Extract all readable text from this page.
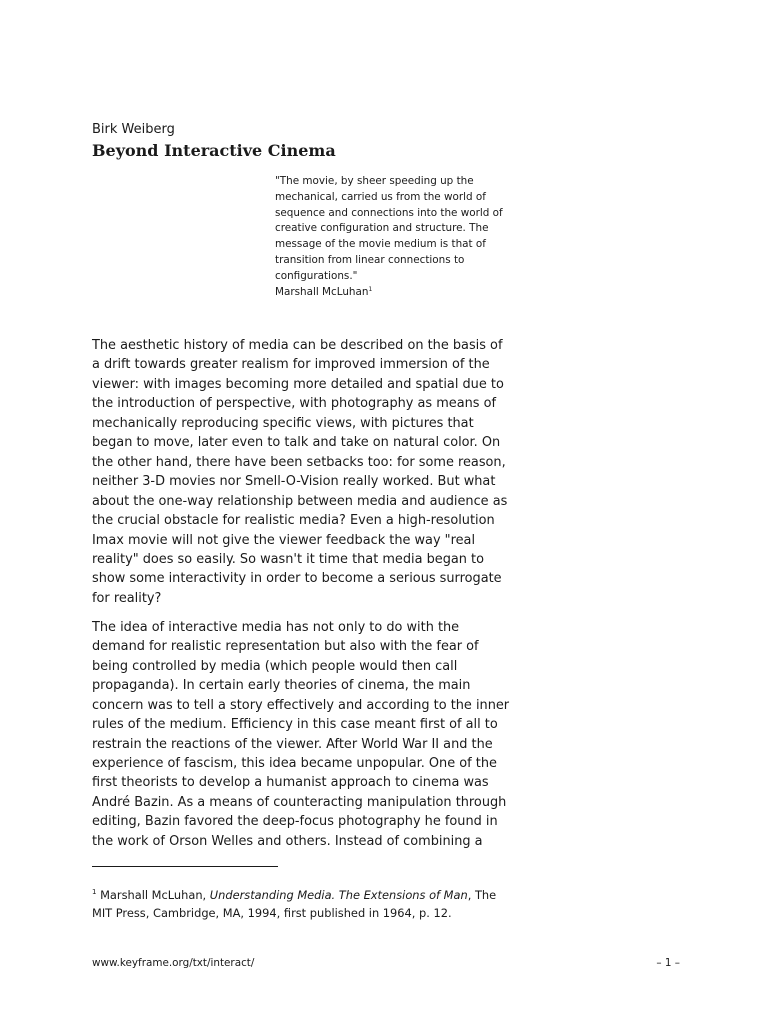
Birk Weiberg
Beyond Interactive Cinema
"The movie, by sheer speeding up the
mechanical, carried us from the world of
sequence and connections into the world of
creative configuration and structure. The
message of the movie medium is that of
transition from linear connections to
configurations."
Marshall McLuhan$^1$

The aesthetic history of media can be described on the basis of
a drift towards greater realism for improved immersion of the
viewer: with images becoming more detailed and spatial due to
the introduction of perspective, with photography as means of
mechanically reproducing specific views, with pictures that
began to move, later even to talk and take on natural color. On
the other hand, there have been setbacks too: for some reason,
neither 3-D movies nor Smell-O-Vision really worked. But what
about the one-way relationship between media and audience as
the crucial obstacle for realistic media? Even a high-resolution
Imax movie will not give the viewer feedback the way "real
reality" does so easily. So wasn't it time that media began to
show some interactivity in order to become a serious surrogate
for reality?

The idea of interactive media has not only to do with the
demand for realistic representation but also with the fear of
being controlled by media (which people would then call
propaganda). In certain early theories of cinema, the main
concern was to tell a story effectively and according to the inner
rules of the medium. Efficiency in this case meant first of all to
restrain the reactions of the viewer. After World War II and the
experience of fascism, this idea became unpopular. One of the
first theorists to develop a humanist approach to cinema was
André Bazin. As a means of counteracting manipulation through
editing, Bazin favored the deep-focus photography he found in
the work of Orson Welles and others. Instead of combining a

$^1$ Marshall McLuhan, Understanding Media. The Extensions of Man, The
MIT Press, Cambridge, MA, 1994, first published in 1964, p. 12.
www.keyframe.org/txt/interact/	– 1 –
